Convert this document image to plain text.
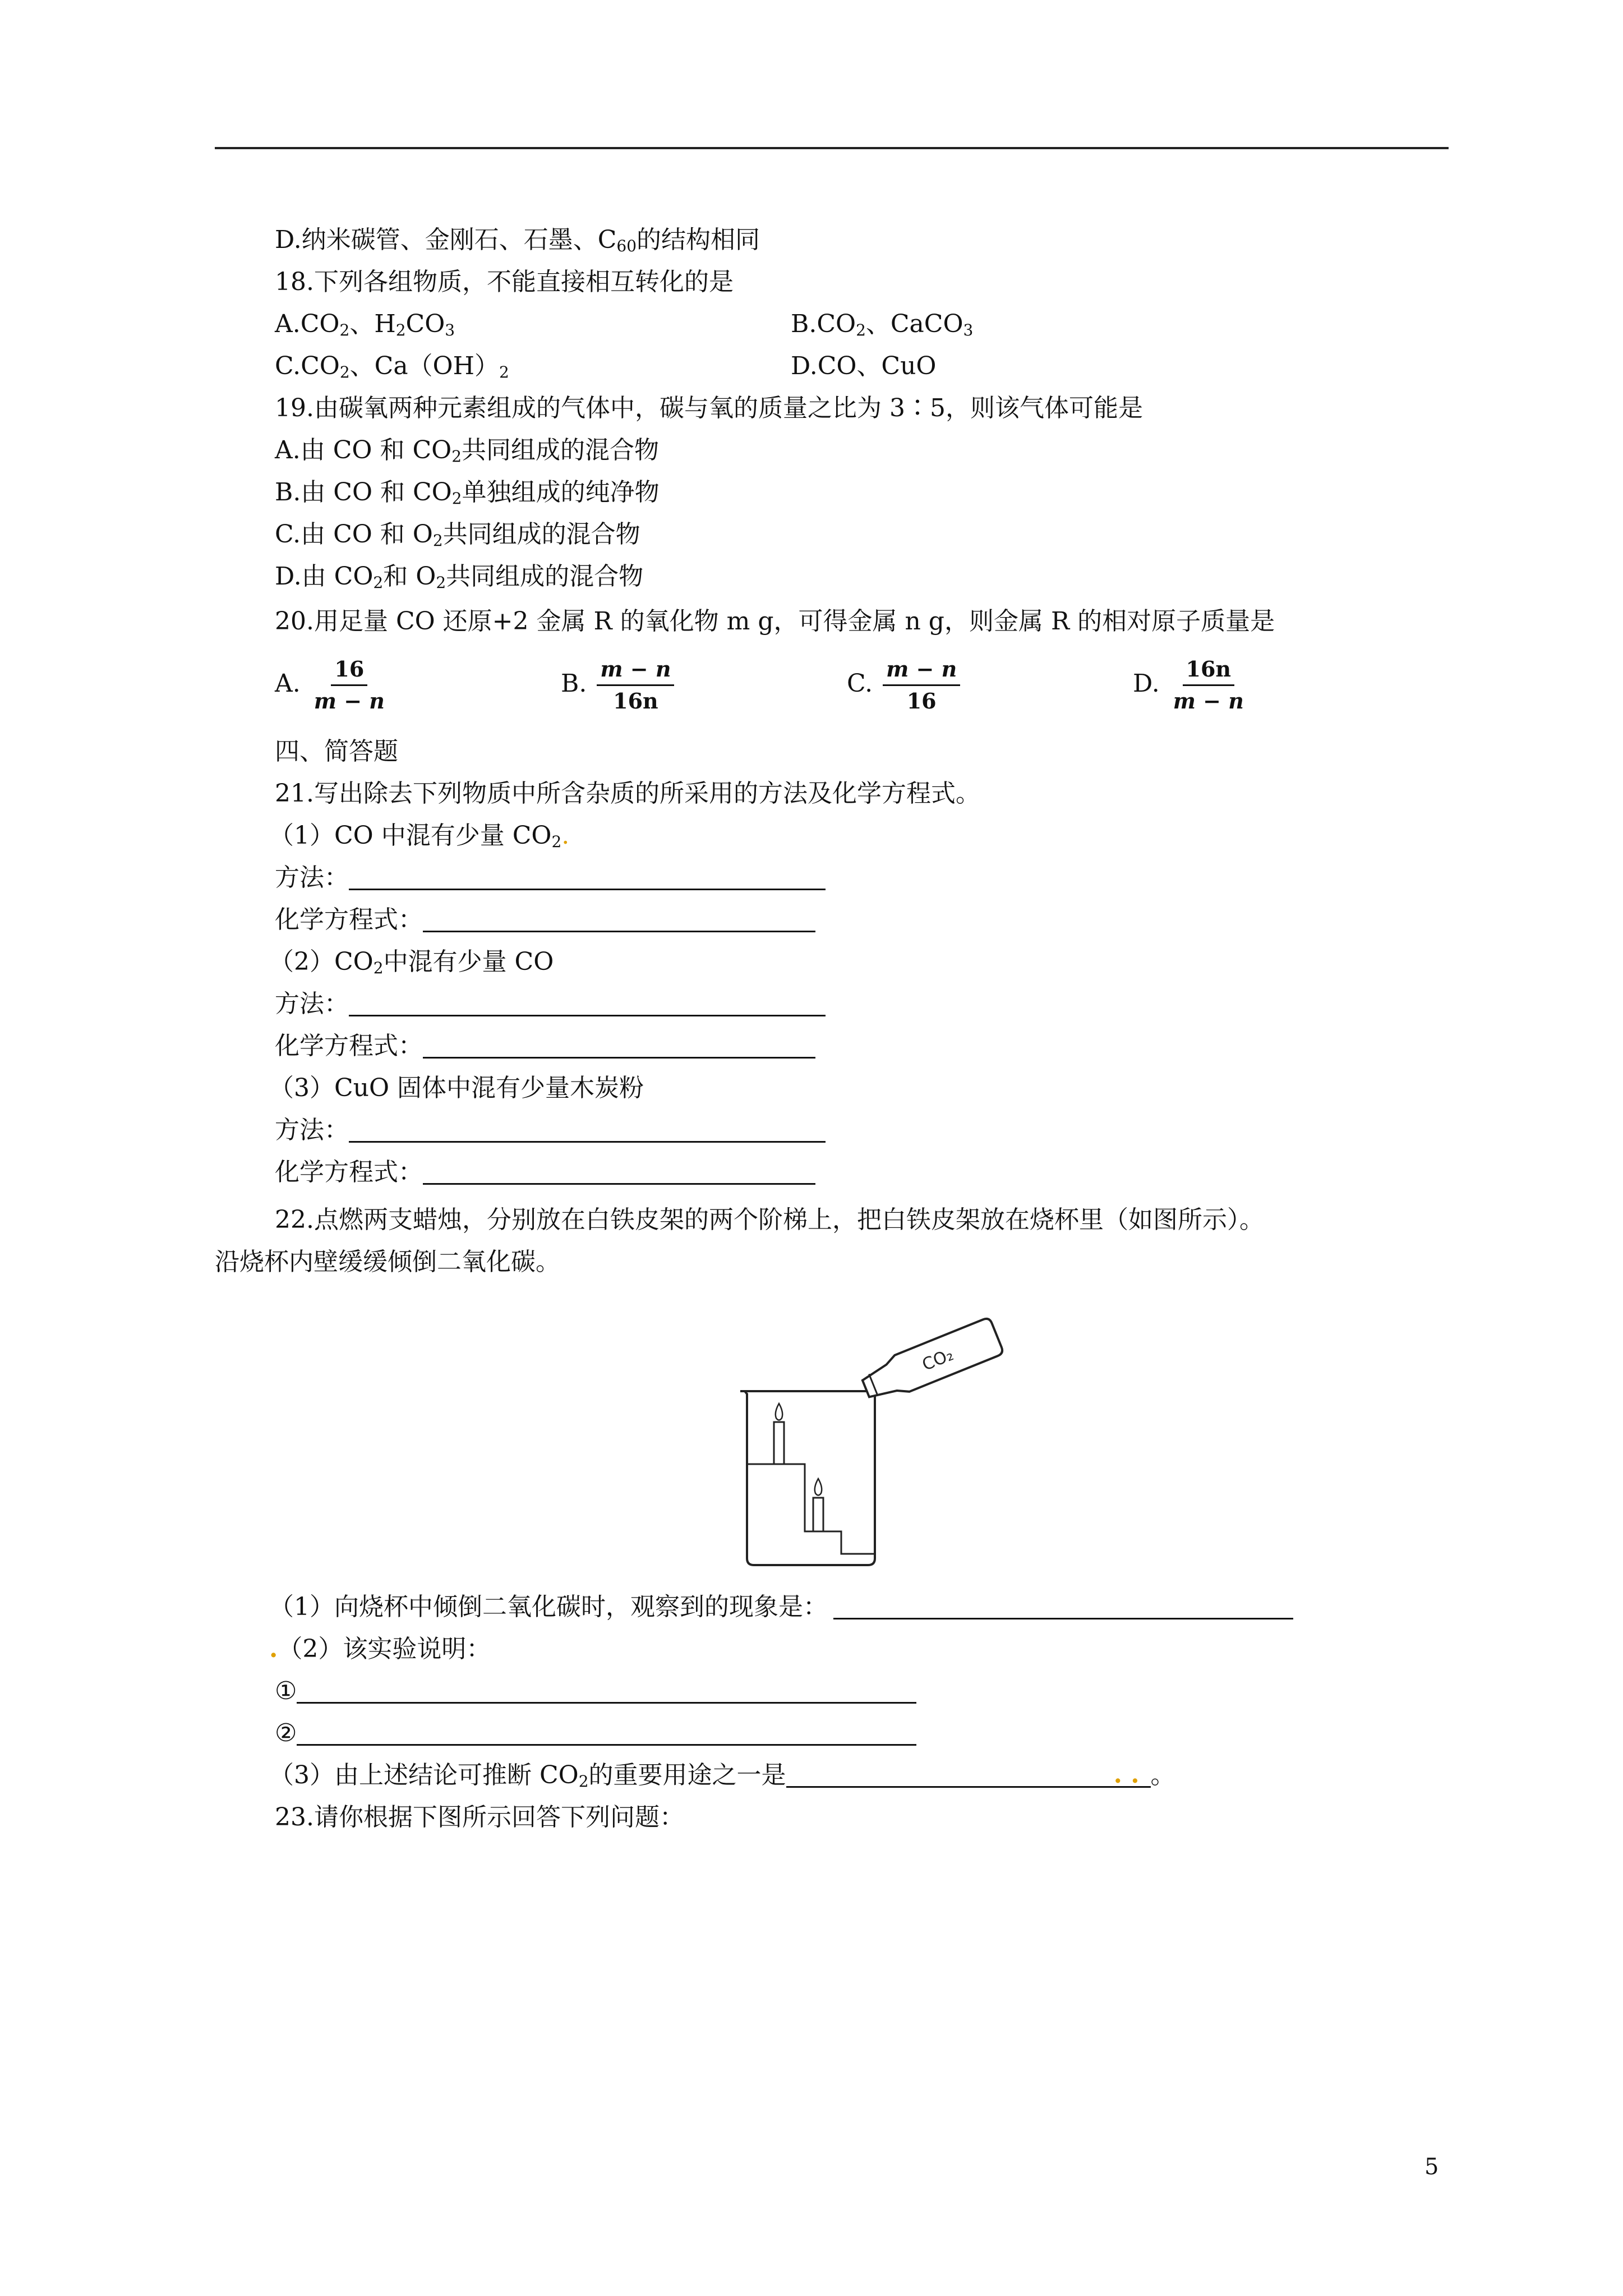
D.纳米碳管、金刚石、石墨、$C_{60}$的结构相同
18.下列各组物质，不能直接相互转化的是
$A.CO_2$、$H_2CO_3$	$B.CO_2$、CaCO$_3$
$C.CO_2$、$Ca(OH)_2$	D.CO、CuO
19.由碳氧两种元素组成的气体中，碳与氧的质量之比为 3∶5，则该气体可能是
A.由 CO 和 $CO_2$共同组成的混合物
B.由 CO 和 $CO_2$单独组成的纯净物
C.由 CO 和 $O_2$共同组成的混合物
D.由 $CO_2$和 $O_2$共同组成的混合物
20.用足量 CO 还原+2 金属 R 的氧化物 m g，可得金属 n g，则金属 R 的相对原子质量是
A. $\frac{16}{m - n}$	B. $\frac{m - n}{16n}$	C. $\frac{m - n}{16}$	D. $\frac{16n}{m - n}$
四、简答题
21.写出除去下列物质中所含杂质的所采用的方法及化学方程式。
（1）CO 中混有少量 $CO_2$.
方法：
化学方程式：
$(2)CO_2$中混有少量 CO
方法：
化学方程式：
（3）CuO 固体中混有少量木炭粉
方法：
化学方程式：
22.点燃两支蜡烛，分别放在白铁皮架的两个阶梯上，把白铁皮架放在烧杯里（如图所示）。
沿烧杯内壁缓缓倾倒二氧化碳。
CO₂
（1）向烧杯中倾倒二氧化碳时，观察到的现象是：
.（2）该实验说明：
①
②
（3）由上述结论可推断 $CO_2$的重要用途之一是	. . 。
23.请你根据下图所示回答下列问题：
5
